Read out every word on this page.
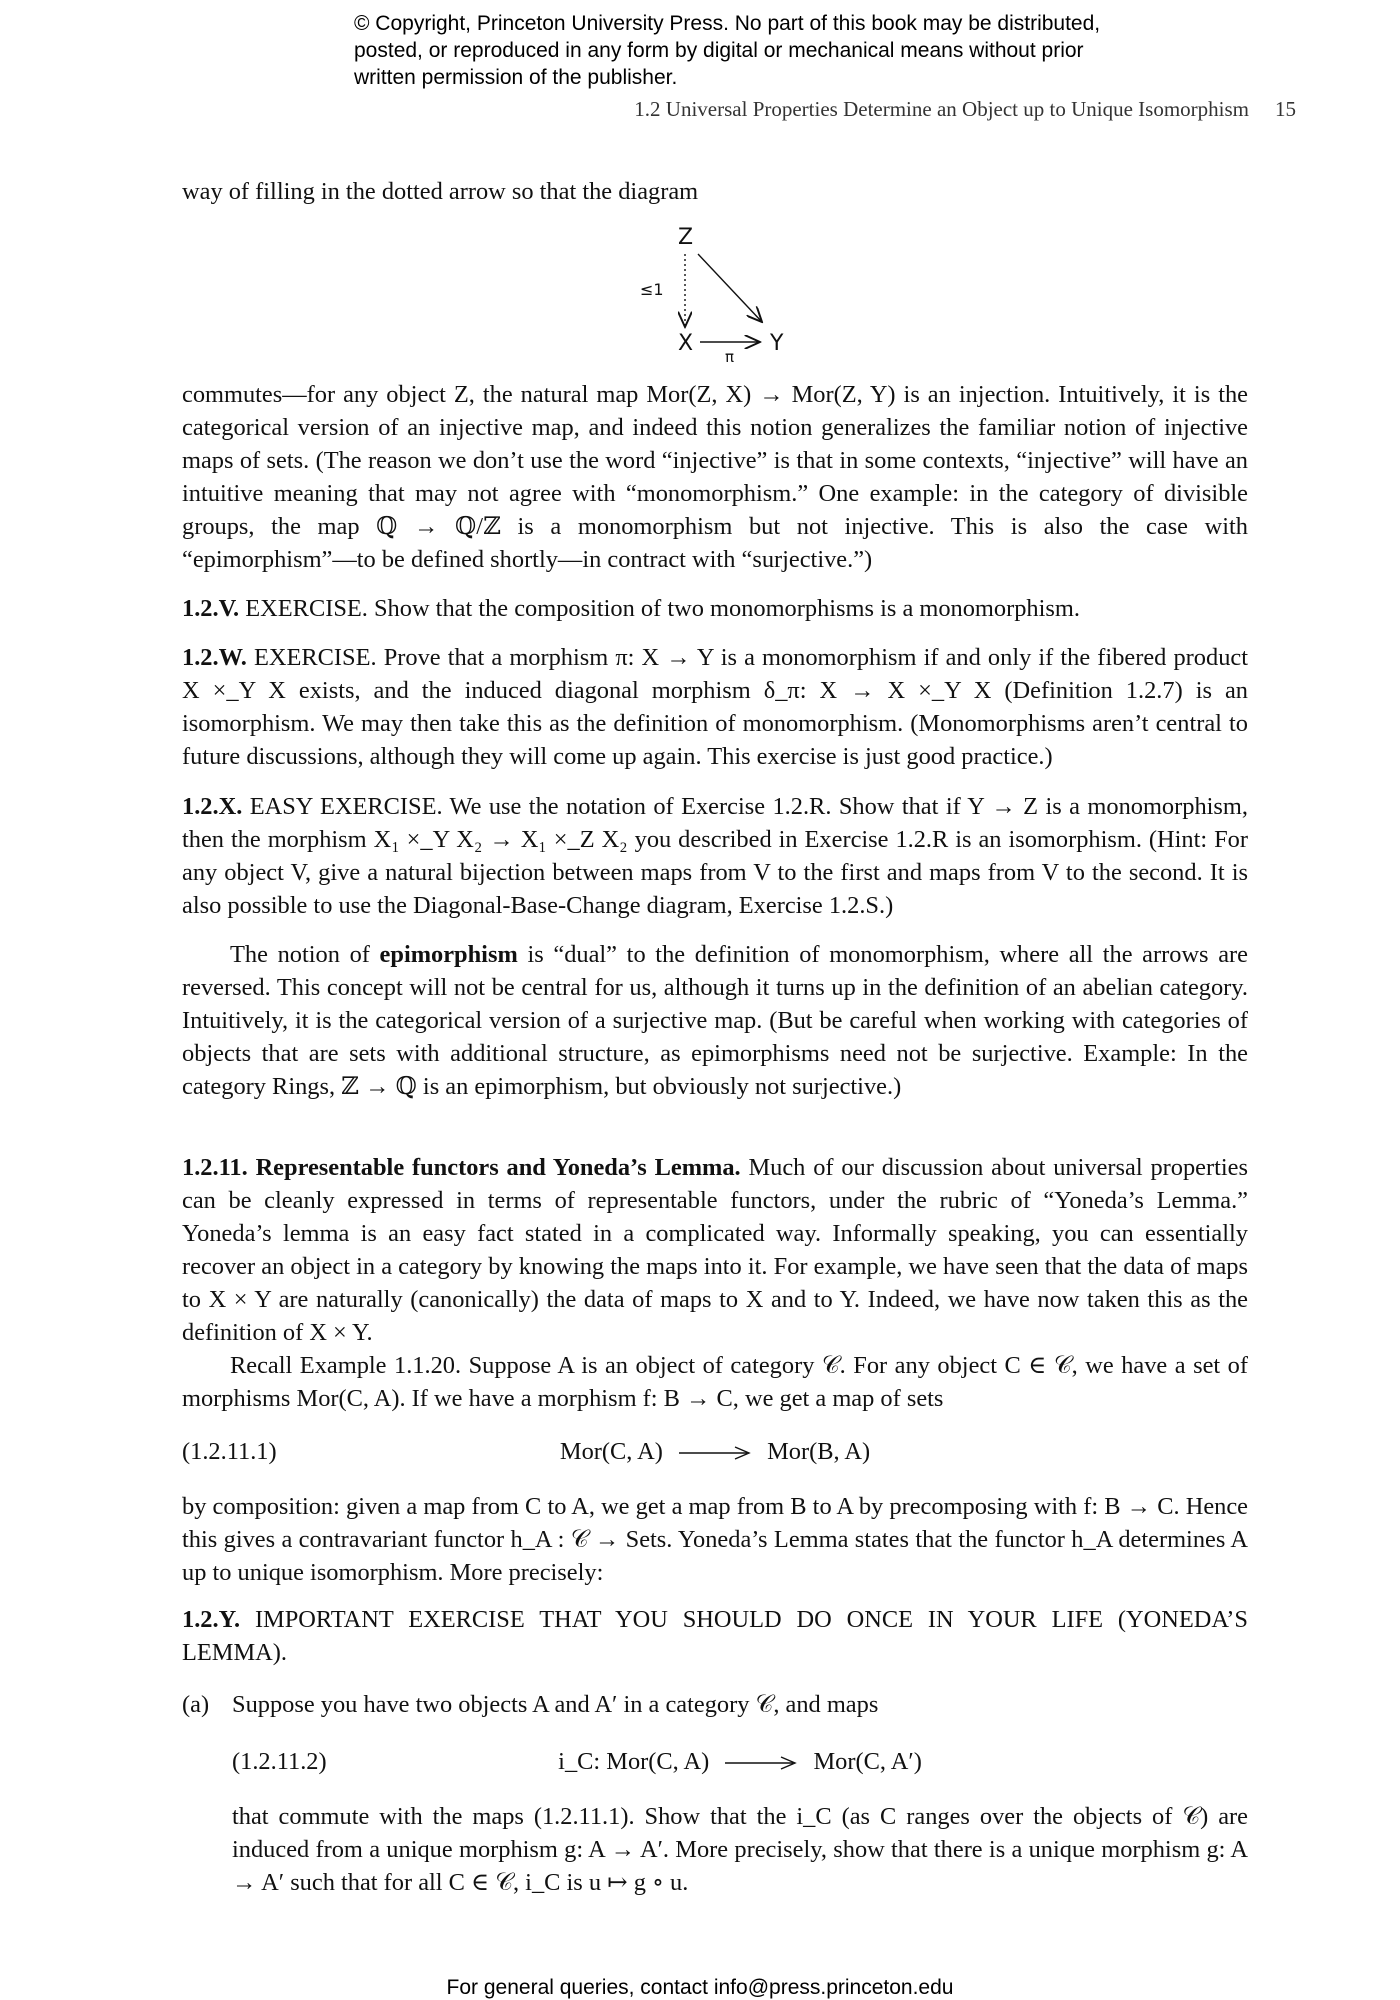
© Copyright, Princeton University Press. No part of this book may be distributed, posted, or reproduced in any form by digital or mechanical means without prior written permission of the publisher.
1.2 Universal Properties Determine an Object up to Unique Isomorphism 15

way of filling in the dotted arrow so that the diagram

Z
X	Y
≤1
π

commutes—for any object Z, the natural map Mor(Z, X) → Mor(Z, Y) is an injection. Intuitively, it is the categorical version of an injective map, and indeed this notion generalizes the familiar notion of injective maps of sets. (The reason we don’t use the word “injective” is that in some contexts, “injective” will have an intuitive meaning that may not agree with “monomorphism.” One example: in the category of divisible groups, the map ℚ → ℚ/ℤ is a monomorphism but not injective. This is also the case with “epimorphism”—to be defined shortly—in contract with “surjective.”)

1.2.V. EXERCISE. Show that the composition of two monomorphisms is a monomorphism.

1.2.W. EXERCISE. Prove that a morphism π: X → Y is a monomorphism if and only if the fibered product X ×_Y X exists, and the induced diagonal morphism δ_π: X → X ×_Y X (Definition 1.2.7) is an isomorphism. We may then take this as the definition of monomorphism. (Monomorphisms aren’t central to future discussions, although they will come up again. This exercise is just good practice.)

1.2.X. EASY EXERCISE. We use the notation of Exercise 1.2.R. Show that if Y → Z is a monomorphism, then the morphism X₁ ×_Y X₂ → X₁ ×_Z X₂ you described in Exercise 1.2.R is an isomorphism. (Hint: For any object V, give a natural bijection between maps from V to the first and maps from V to the second. It is also possible to use the Diagonal-Base-Change diagram, Exercise 1.2.S.)

The notion of epimorphism is “dual” to the definition of monomorphism, where all the arrows are reversed. This concept will not be central for us, although it turns up in the definition of an abelian category. Intuitively, it is the categorical version of a surjective map. (But be careful when working with categories of objects that are sets with additional structure, as epimorphisms need not be surjective. Example: In the category Rings, ℤ → ℚ is an epimorphism, but obviously not surjective.)

1.2.11. Representable functors and Yoneda’s Lemma. Much of our discussion about universal properties can be cleanly expressed in terms of representable functors, under the rubric of “Yoneda’s Lemma.” Yoneda’s lemma is an easy fact stated in a complicated way. Informally speaking, you can essentially recover an object in a category by knowing the maps into it. For example, we have seen that the data of maps to X × Y are naturally (canonically) the data of maps to X and to Y. Indeed, we have now taken this as the definition of X × Y.

Recall Example 1.1.20. Suppose A is an object of category 𝒞. For any object C ∈ 𝒞, we have a set of morphisms Mor(C, A). If we have a morphism f: B → C, we get a map of sets

(1.2.11.1)	Mor(C, A)	Mor(B, A)

by composition: given a map from C to A, we get a map from B to A by precomposing with f: B → C. Hence this gives a contravariant functor h_A : 𝒞 → Sets. Yoneda’s Lemma states that the functor h_A determines A up to unique isomorphism. More precisely:

1.2.Y. IMPORTANT EXERCISE THAT YOU SHOULD DO ONCE IN YOUR LIFE (YONEDA’S LEMMA).

(a) Suppose you have two objects A and A′ in a category 𝒞, and maps
(1.2.11.2)	i_C: Mor(C, A)	Mor(C, A′)

that commute with the maps (1.2.11.1). Show that the i_C (as C ranges over the objects of 𝒞) are induced from a unique morphism g: A → A′. More precisely, show that there is a unique morphism g: A → A′ such that for all C ∈ 𝒞, i_C is u ↦ g ∘ u.

For general queries, contact info@press.princeton.edu
